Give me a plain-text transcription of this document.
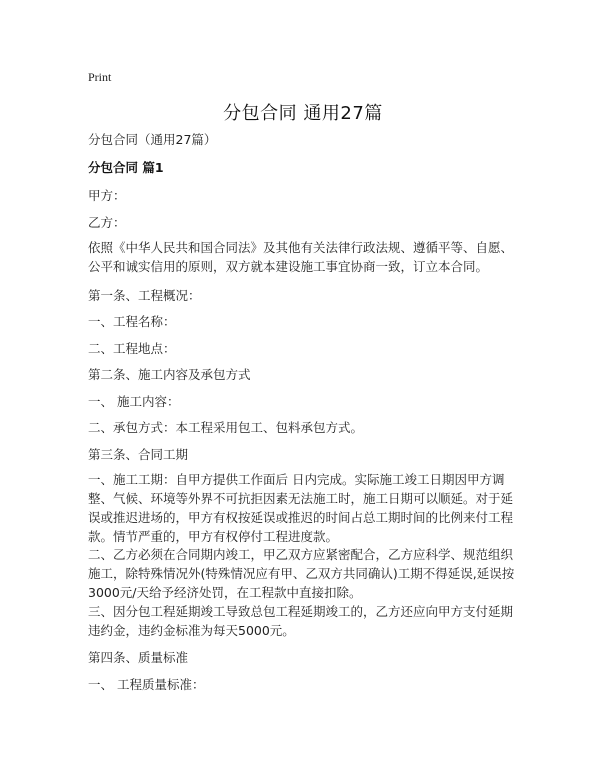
Print
分包合同 通用27篇
分包合同（通用27篇）
分包合同 篇1
甲方：
乙方：
依照《中华人民共和国合同法》及其他有关法律行政法规、遵循平等、自愿、公平和诚实信用的原则，双方就本建设施工事宜协商一致，订立本合同。
第一条、工程概况：
一、工程名称：
二、工程地点：
第二条、施工内容及承包方式
一、 施工内容：
二、承包方式：本工程采用包工、包料承包方式。
第三条、合同工期
一、施工工期：自甲方提供工作面后 日内完成。实际施工竣工日期因甲方调整、气候、环境等外界不可抗拒因素无法施工时，施工日期可以顺延。对于延误或推迟进场的，甲方有权按延误或推迟的时间占总工期时间的比例来付工程款。情节严重的，甲方有权停付工程进度款。
二、乙方必须在合同期内竣工，甲乙双方应紧密配合，乙方应科学、规范组织施工，除特殊情况外(特殊情况应有甲、乙双方共同确认)工期不得延误,延误按 3000元/天给予经济处罚，在工程款中直接扣除。
三、因分包工程延期竣工导致总包工程延期竣工的，乙方还应向甲方支付延期违约金，违约金标准为每天5000元。
第四条、质量标准
一、 工程质量标准：
